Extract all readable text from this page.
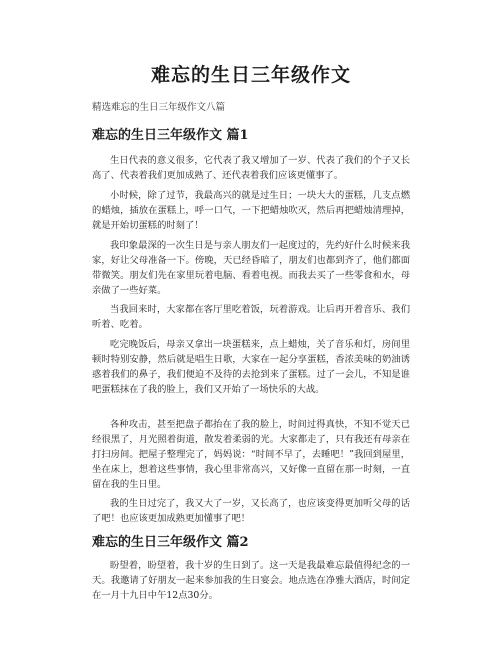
难忘的生日三年级作文

精选难忘的生日三年级作文八篇

难忘的生日三年级作文 篇1

生日代表的意义很多，它代表了我又增加了一岁、代表了我们的个子又长高了、代表着我们更加成熟了、还代表着我们应该更懂事了。

小时候，除了过节，我最高兴的就是过生日；一块大大的蛋糕，几支点燃的蜡烛，插放在蛋糕上，呼一口气，一下把蜡烛吹灭，然后再把蜡烛清理掉，就是开始切蛋糕的时刻了！

我印象最深的一次生日是与亲人朋友们一起度过的，先约好什么时候来我家，好让父母准备一下。傍晚，天已经昏暗了，朋友们也都到齐了，他们都面带微笑。朋友们先在家里玩着电脑、看着电视。而我去买了一些零食和水，母亲做了一些好菜。

当我回来时，大家都在客厅里吃着饭，玩着游戏。让后再开着音乐、我们听着、吃着。

吃完晚饭后，母亲又拿出一块蛋糕来，点上蜡烛，关了音乐和灯，房间里顿时特别安静，然后就是唱生日歌，大家在一起分享蛋糕，香浓美味的奶油诱惑着我们的鼻子，我们便迫不及待的去抢到来了蛋糕。过了一会儿，不知是谁吧蛋糕抹在了我的脸上，我们又开始了一场快乐的大战。

各种攻击，甚至把盘子都抬在了我的脸上，时间过得真快，不知不觉天已经很黑了，月光照着街道，散发着柔弱的光。大家都走了，只有我还有母亲在打扫房间。把屋子整理完了，妈妈说：“时间不早了，去睡吧！”我回到屋里，坐在床上，想着这些事情，我心里非常高兴，又好像一直留在那一时刻，一直留在我的生日里。

我的生日过完了，我又大了一岁，又长高了，也应该变得更加听父母的话了吧！也应该更加成熟更加懂事了吧！

难忘的生日三年级作文 篇2

盼望着，盼望着，我十岁的生日到了。这一天是我最难忘最值得纪念的一天。我邀请了好朋友一起来参加我的生日宴会。地点选在净雅大酒店，时间定在一月十九日中午12点30分。
